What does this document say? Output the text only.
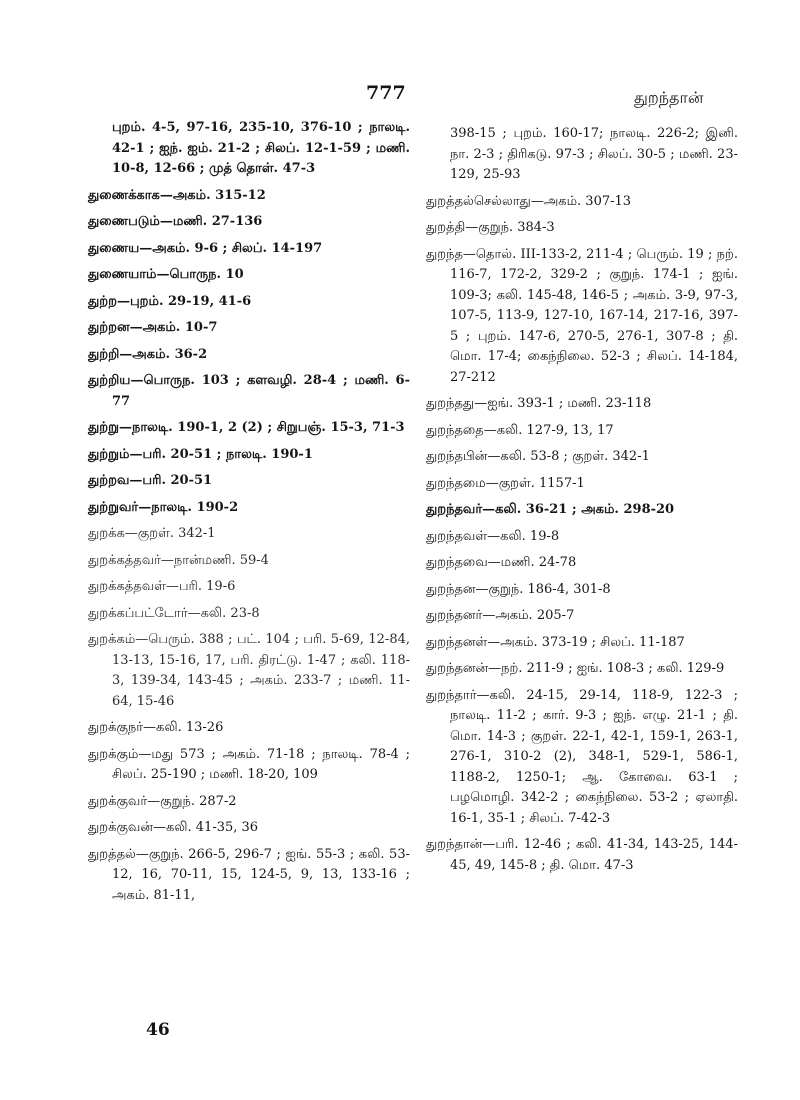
777	துறந்தான்

புறம். 4-5, 97-16, 235-10, 376-10 ; நாலடி. 42-1 ; ஐந். ஐம். 21-2 ; சிலப். 12-1-59 ; மணி. 10-8, 12-66 ; முத் தொள். 47-3

துணைக்காக—அகம். 315-12

துணைபடும்—மணி. 27-136

துணைய—அகம். 9-6 ; சிலப். 14-197

துணையாம்—பொருந. 10

துற்ற—புறம். 29-19, 41-6

துற்றன—அகம். 10-7

துற்றி—அகம். 36-2

துற்றிய—பொருந. 103 ; களவழி. 28-4 ; மணி. 6-77

துற்று—நாலடி. 190-1, 2 (2) ; சிறுபஞ். 15-3, 71-3

துற்றும்—பரி. 20-51 ; நாலடி. 190-1

துற்றவ—பரி. 20-51

துற்றுவர்—நாலடி. 190-2

துறக்க—குறள். 342-1

துறக்கத்தவர்—நான்மணி. 59-4

துறக்கத்தவள்—பரி. 19-6

துறக்கப்பட்டோர்—கலி. 23-8

துறக்கம்—பெரும். 388 ; பட். 104 ; பரி. 5-69, 12-84, 13-13, 15-16, 17, பரி. திரட்டு. 1-47 ; கலி. 118-3, 139-34, 143-45 ; அகம். 233-7 ; மணி. 11-64, 15-46

துறக்குநர்—கலி. 13-26

துறக்கும்—மது 573 ; அகம். 71-18 ; நாலடி. 78-4 ; சிலப். 25-190 ; மணி. 18-20, 109

துறக்குவர்—குறுந். 287-2

துறக்குவன்—கலி. 41-35, 36

துறத்தல்—குறுந். 266-5, 296-7 ; ஐங். 55-3 ; கலி. 53-12, 16, 70-11, 15, 124-5, 9, 13, 133-16 ; அகம். 81-11,

398-15 ; புறம். 160-17; நாலடி. 226-2; இனி. நா. 2-3 ; திரிகடு. 97-3 ; சிலப். 30-5 ; மணி. 23-129, 25-93

துறத்தல்செல்லாது—அகம். 307-13

துறத்தி—குறுந். 384-3

துறந்த—தொல். III-133-2, 211-4 ; பெரும். 19 ; நற். 116-7, 172-2, 329-2 ; குறுந். 174-1 ; ஐங். 109-3; கலி. 145-48, 146-5 ; அகம். 3-9, 97-3, 107-5, 113-9, 127-10, 167-14, 217-16, 397-5 ; புறம். 147-6, 270-5, 276-1, 307-8 ; தி. மொ. 17-4; கைந்நிலை. 52-3 ; சிலப். 14-184, 27-212

துறந்தது—ஐங். 393-1 ; மணி. 23-118

துறந்ததை—கலி. 127-9, 13, 17

துறந்தபின்—கலி. 53-8 ; குறள். 342-1

துறந்தமை—குறள். 1157-1

துறந்தவர்—கலி. 36-21 ; அகம். 298-20

துறந்தவள்—கலி. 19-8

துறந்தவை—மணி. 24-78

துறந்தன—குறுந். 186-4, 301-8

துறந்தனர்—அகம். 205-7

துறந்தனள்—அகம். 373-19 ; சிலப். 11-187

துறந்தனன்—நற். 211-9 ; ஐங். 108-3 ; கலி. 129-9

துறந்தார்—கலி. 24-15, 29-14, 118-9, 122-3 ; நாலடி. 11-2 ; கார். 9-3 ; ஐந். எழு. 21-1 ; தி. மொ. 14-3 ; குறள். 22-1, 42-1, 159-1, 263-1, 276-1, 310-2 (2), 348-1, 529-1, 586-1, 1188-2, 1250-1; ஆ. கோவை. 63-1 ; பழமொழி. 342-2 ; கைந்நிலை. 53-2 ; ஏலாதி. 16-1, 35-1 ; சிலப். 7-42-3

துறந்தான்—பரி. 12-46 ; கலி. 41-34, 143-25, 144-45, 49, 145-8 ; தி. மொ. 47-3

46
